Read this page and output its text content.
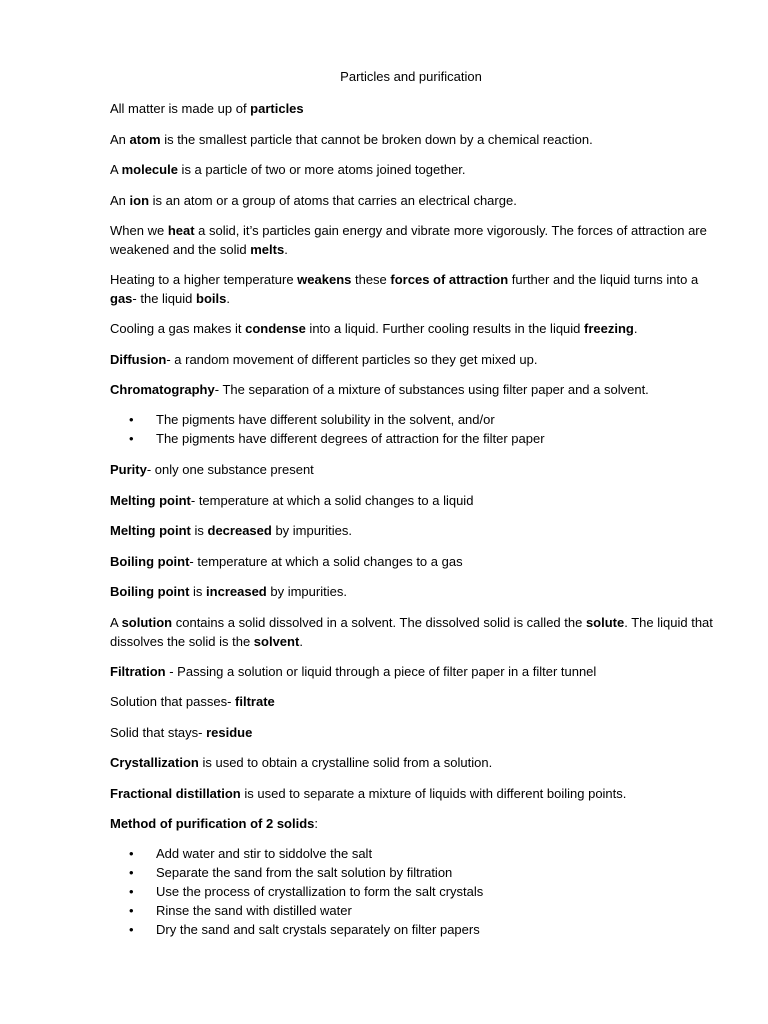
Particles and purification

All matter is made up of particles

An atom is the smallest particle that cannot be broken down by a chemical reaction.

A molecule is a particle of two or more atoms joined together.

An ion is an atom or a group of atoms that carries an electrical charge.

When we heat a solid, it’s particles gain energy and vibrate more vigorously. The forces of attraction are weakened and the solid melts.

Heating to a higher temperature weakens these forces of attraction further and the liquid turns into a gas- the liquid boils.

Cooling a gas makes it condense into a liquid. Further cooling results in the liquid freezing.

Diffusion- a random movement of different particles so they get mixed up.

Chromatography- The separation of a mixture of substances using filter paper and a solvent.

• The pigments have different solubility in the solvent, and/or
• The pigments have different degrees of attraction for the filter paper

Purity- only one substance present

Melting point- temperature at which a solid changes to a liquid

Melting point is decreased by impurities.

Boiling point- temperature at which a solid changes to a gas

Boiling point is increased by impurities.

A solution contains a solid dissolved in a solvent. The dissolved solid is called the solute. The liquid that dissolves the solid is the solvent.

Filtration - Passing a solution or liquid through a piece of filter paper in a filter tunnel

Solution that passes- filtrate

Solid that stays- residue

Crystallization is used to obtain a crystalline solid from a solution.

Fractional distillation is used to separate a mixture of liquids with different boiling points.

Method of purification of 2 solids:

• Add water and stir to siddolve the salt
• Separate the sand from the salt solution by filtration
• Use the process of crystallization to form the salt crystals
• Rinse the sand with distilled water
• Dry the sand and salt crystals separately on filter papers
